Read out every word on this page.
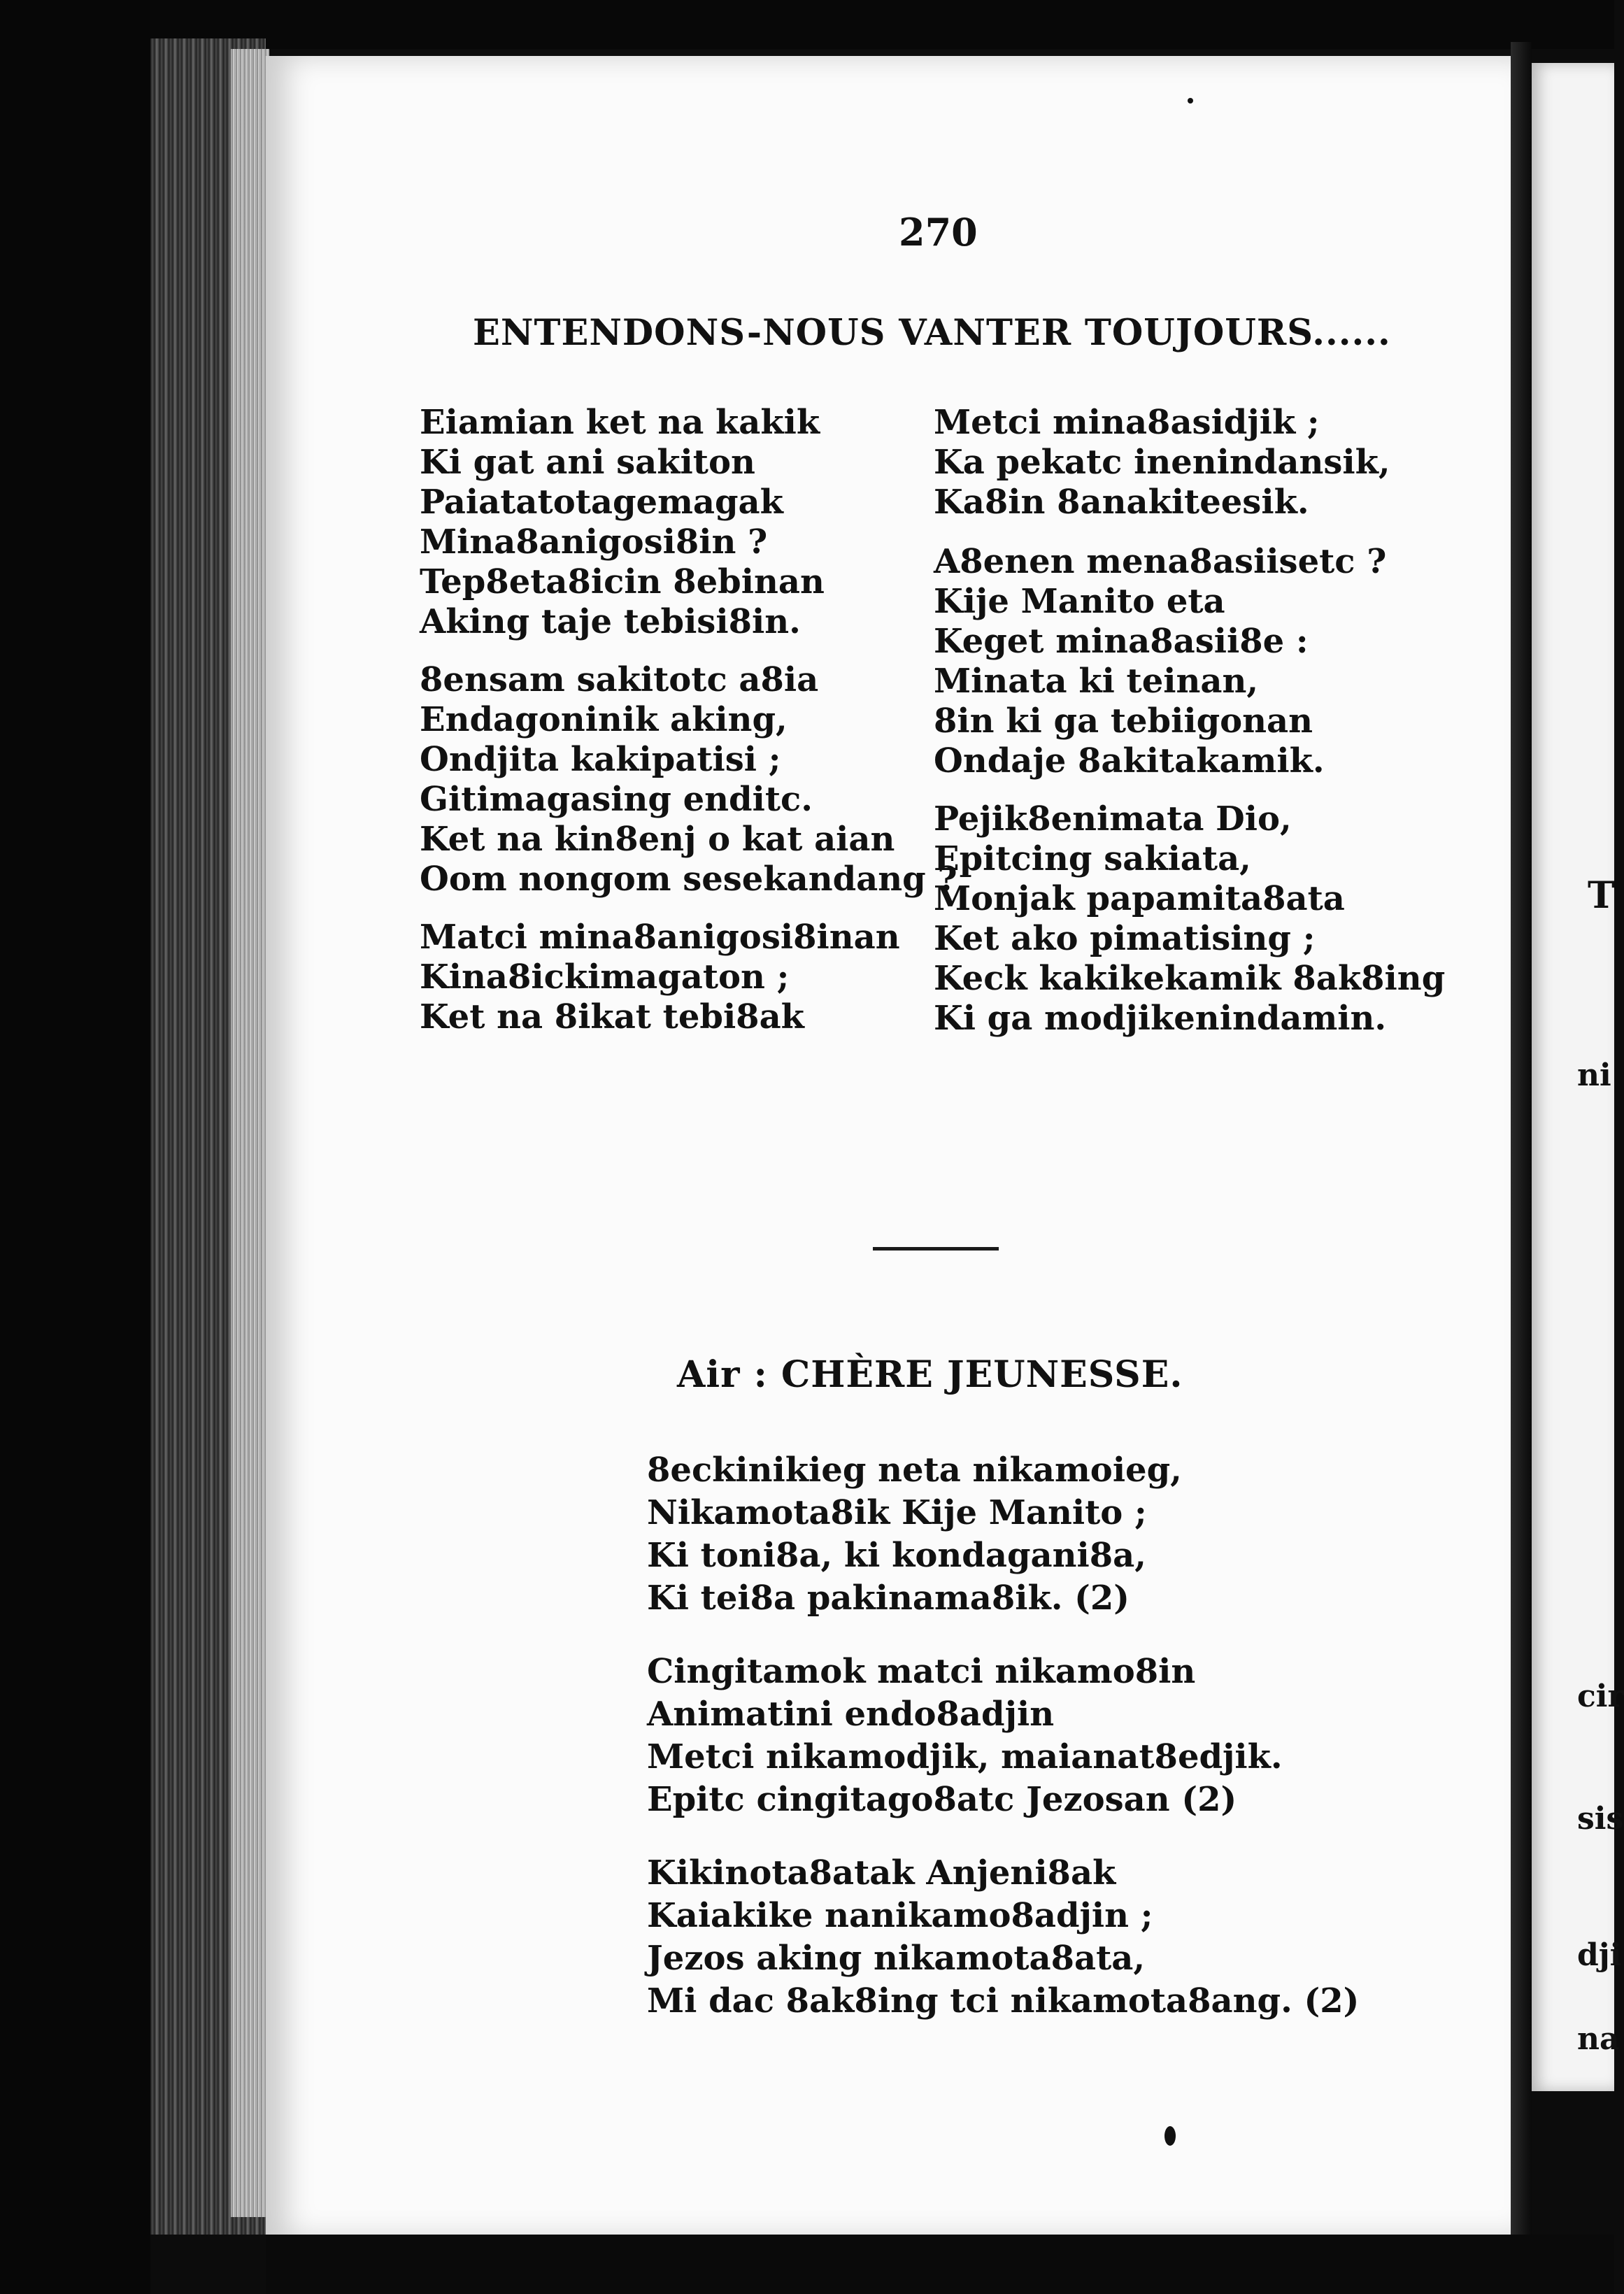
270
ENTENDONS-NOUS VANTER TOUJOURS......
Eiamian ket na kakik
Ki gat ani sakiton
Paiatatotagemagak
Mina8anigosi8in ?
Tep8eta8icin 8ebinan
Aking taje tebisi8in.
8ensam sakitotc a8ia
Endagoninik aking,
Ondjita kakipatisi ;
Gitimagasing enditc.
Ket na kin8enj o kat aian
Oom nongom sesekandang ?
Matci mina8anigosi8inan
Kina8ickimagaton ;
Ket na 8ikat tebi8ak
Metci mina8asidjik ;
Ka pekatc inenindansik,
Ka8in 8anakiteesik.
A8enen mena8asiisetc ?
Kije Manito eta
Keget mina8asii8e :
Minata ki teinan,
8in ki ga tebiigonan
Ondaje 8akitakamik.
Pejik8enimata Dio,
Epitcing sakiata,
Monjak papamita8ata
Ket ako pimatising ;
Keck kakikekamik 8ak8ing
Ki ga modjikenindamin.
Air : CHÈRE JEUNESSE.
8eckinikieg neta nikamoieg,
Nikamota8ik Kije Manito ;
Ki toni8a, ki kondagani8a,
Ki tei8a pakinama8ik. (2)
Cingitamok matci nikamo8in
Animatini endo8adjin
Metci nikamodjik, maianat8edjik.
Epitc cingitago8atc Jezosan (2)
Kikinota8atak Anjeni8ak
Kaiakike nanikamo8adjin ;
Jezos aking nikamota8ata,
Mi dac 8ak8ing tci nikamota8ang. (2)
T
ni
cir
sis
dji
na
